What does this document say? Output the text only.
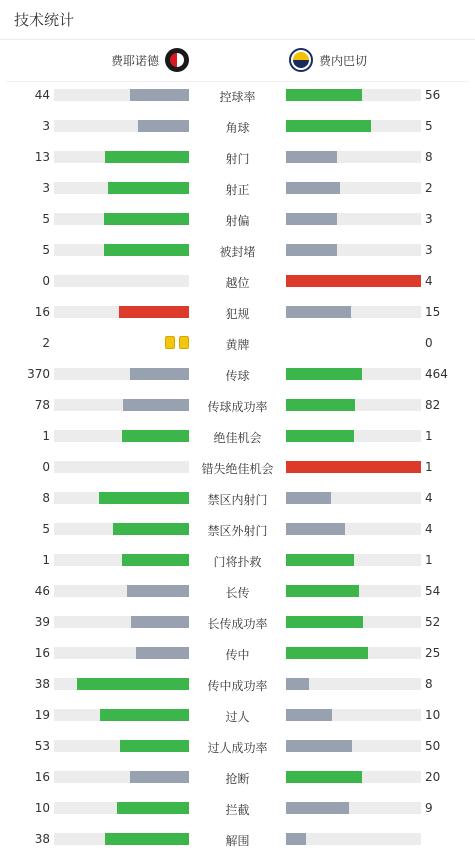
技术统计
费耶诺德	费内巴切
44	控球率	56
3	角球	5
13	射门	8
3	射正	2
5	射偏	3
5	被封堵	3
0	越位	4
16	犯规	15
2	黄牌	0
370	传球	464
78	传球成功率	82
1	绝佳机会	1
0	错失绝佳机会	1
8	禁区内射门	4
5	禁区外射门	4
1	门将扑救	1
46	长传	54
39	长传成功率	52
16	传中	25
38	传中成功率	8
19	过人	10
53	过人成功率	50
16	抢断	20
10	拦截	9
38	解围
